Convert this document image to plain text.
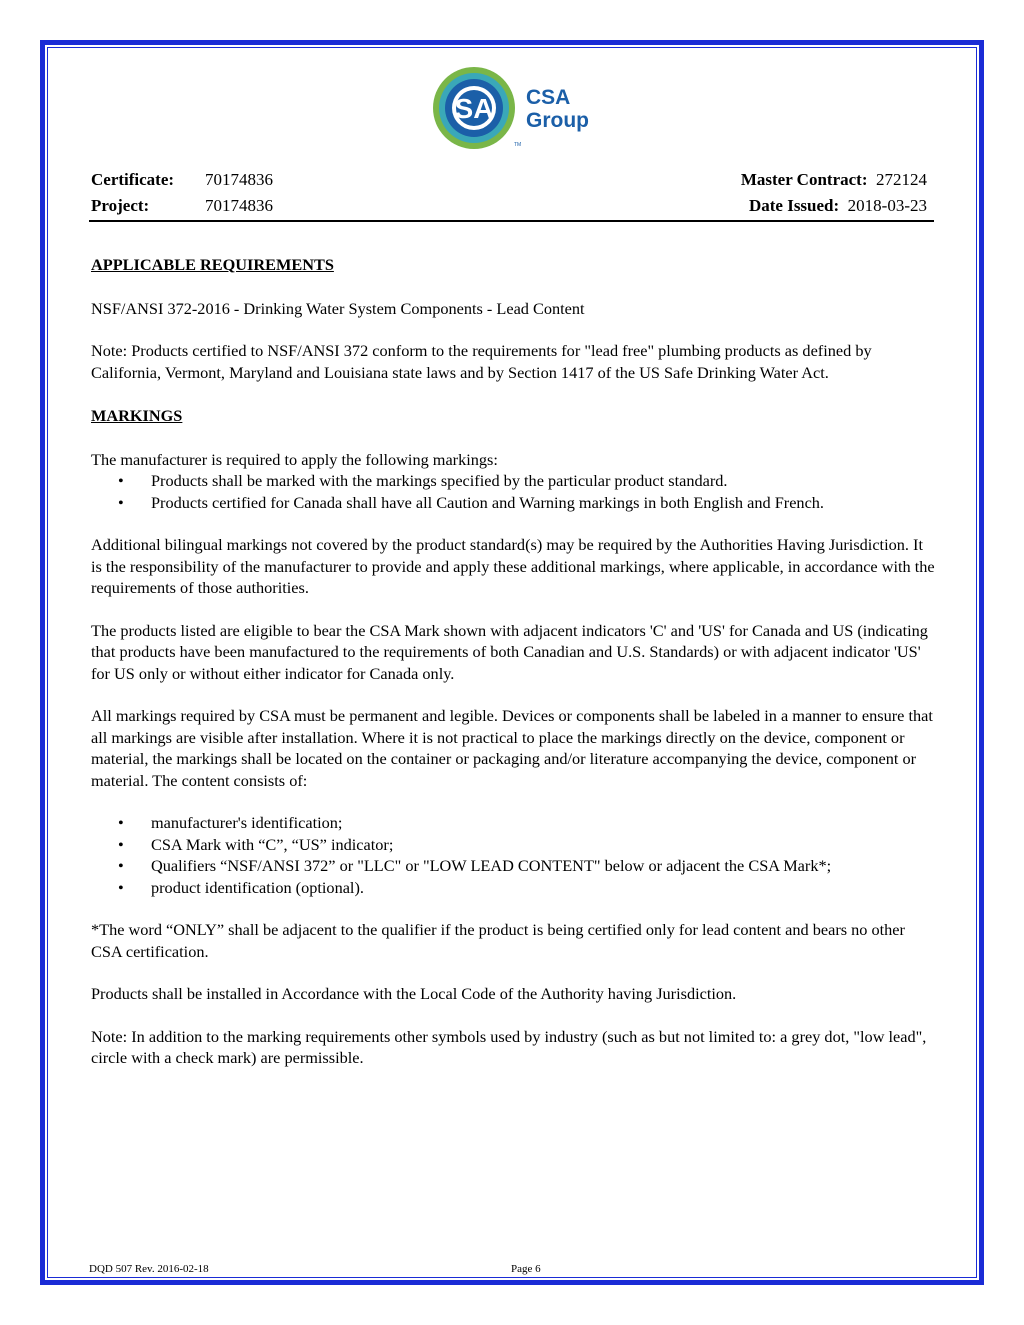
SA CSA
Group
TM
Certificate: 70174836	Master Contract: 272124
Project:	70174836	Date Issued: 2018-03-23

APPLICABLE REQUIREMENTS

NSF/ANSI 372-2016 - Drinking Water System Components - Lead Content

Note: Products certified to NSF/ANSI 372 conform to the requirements for "lead free" plumbing products as defined by California, Vermont, Maryland and Louisiana state laws and by Section 1417 of the US Safe Drinking Water Act.

MARKINGS

The manufacturer is required to apply the following markings:

• Products shall be marked with the markings specified by the particular product standard.
• Products certified for Canada shall have all Caution and Warning markings in both English and French.

Additional bilingual markings not covered by the product standard(s) may be required by the Authorities Having Jurisdiction. It is the responsibility of the manufacturer to provide and apply these additional markings, where applicable, in accordance with the requirements of those authorities.

The products listed are eligible to bear the CSA Mark shown with adjacent indicators 'C' and 'US' for Canada and US (indicating that products have been manufactured to the requirements of both Canadian and U.S. Standards) or with adjacent indicator 'US' for US only or without either indicator for Canada only.

All markings required by CSA must be permanent and legible. Devices or components shall be labeled in a manner to ensure that all markings are visible after installation. Where it is not practical to place the markings directly on the device, component or material, the markings shall be located on the container or packaging and/or literature accompanying the device, component or material. The content consists of:

• manufacturer's identification;
• CSA Mark with “C”, “US” indicator;
• Qualifiers “NSF/ANSI 372” or "LLC" or "LOW LEAD CONTENT" below or adjacent the CSA Mark*;
• product identification (optional).

*The word “ONLY” shall be adjacent to the qualifier if the product is being certified only for lead content and bears no other CSA certification.

Products shall be installed in Accordance with the Local Code of the Authority having Jurisdiction.

Note: In addition to the marking requirements other symbols used by industry (such as but not limited to: a grey dot, "low lead", circle with a check mark) are permissible.

DQD 507 Rev. 2016-02-18	Page 6
